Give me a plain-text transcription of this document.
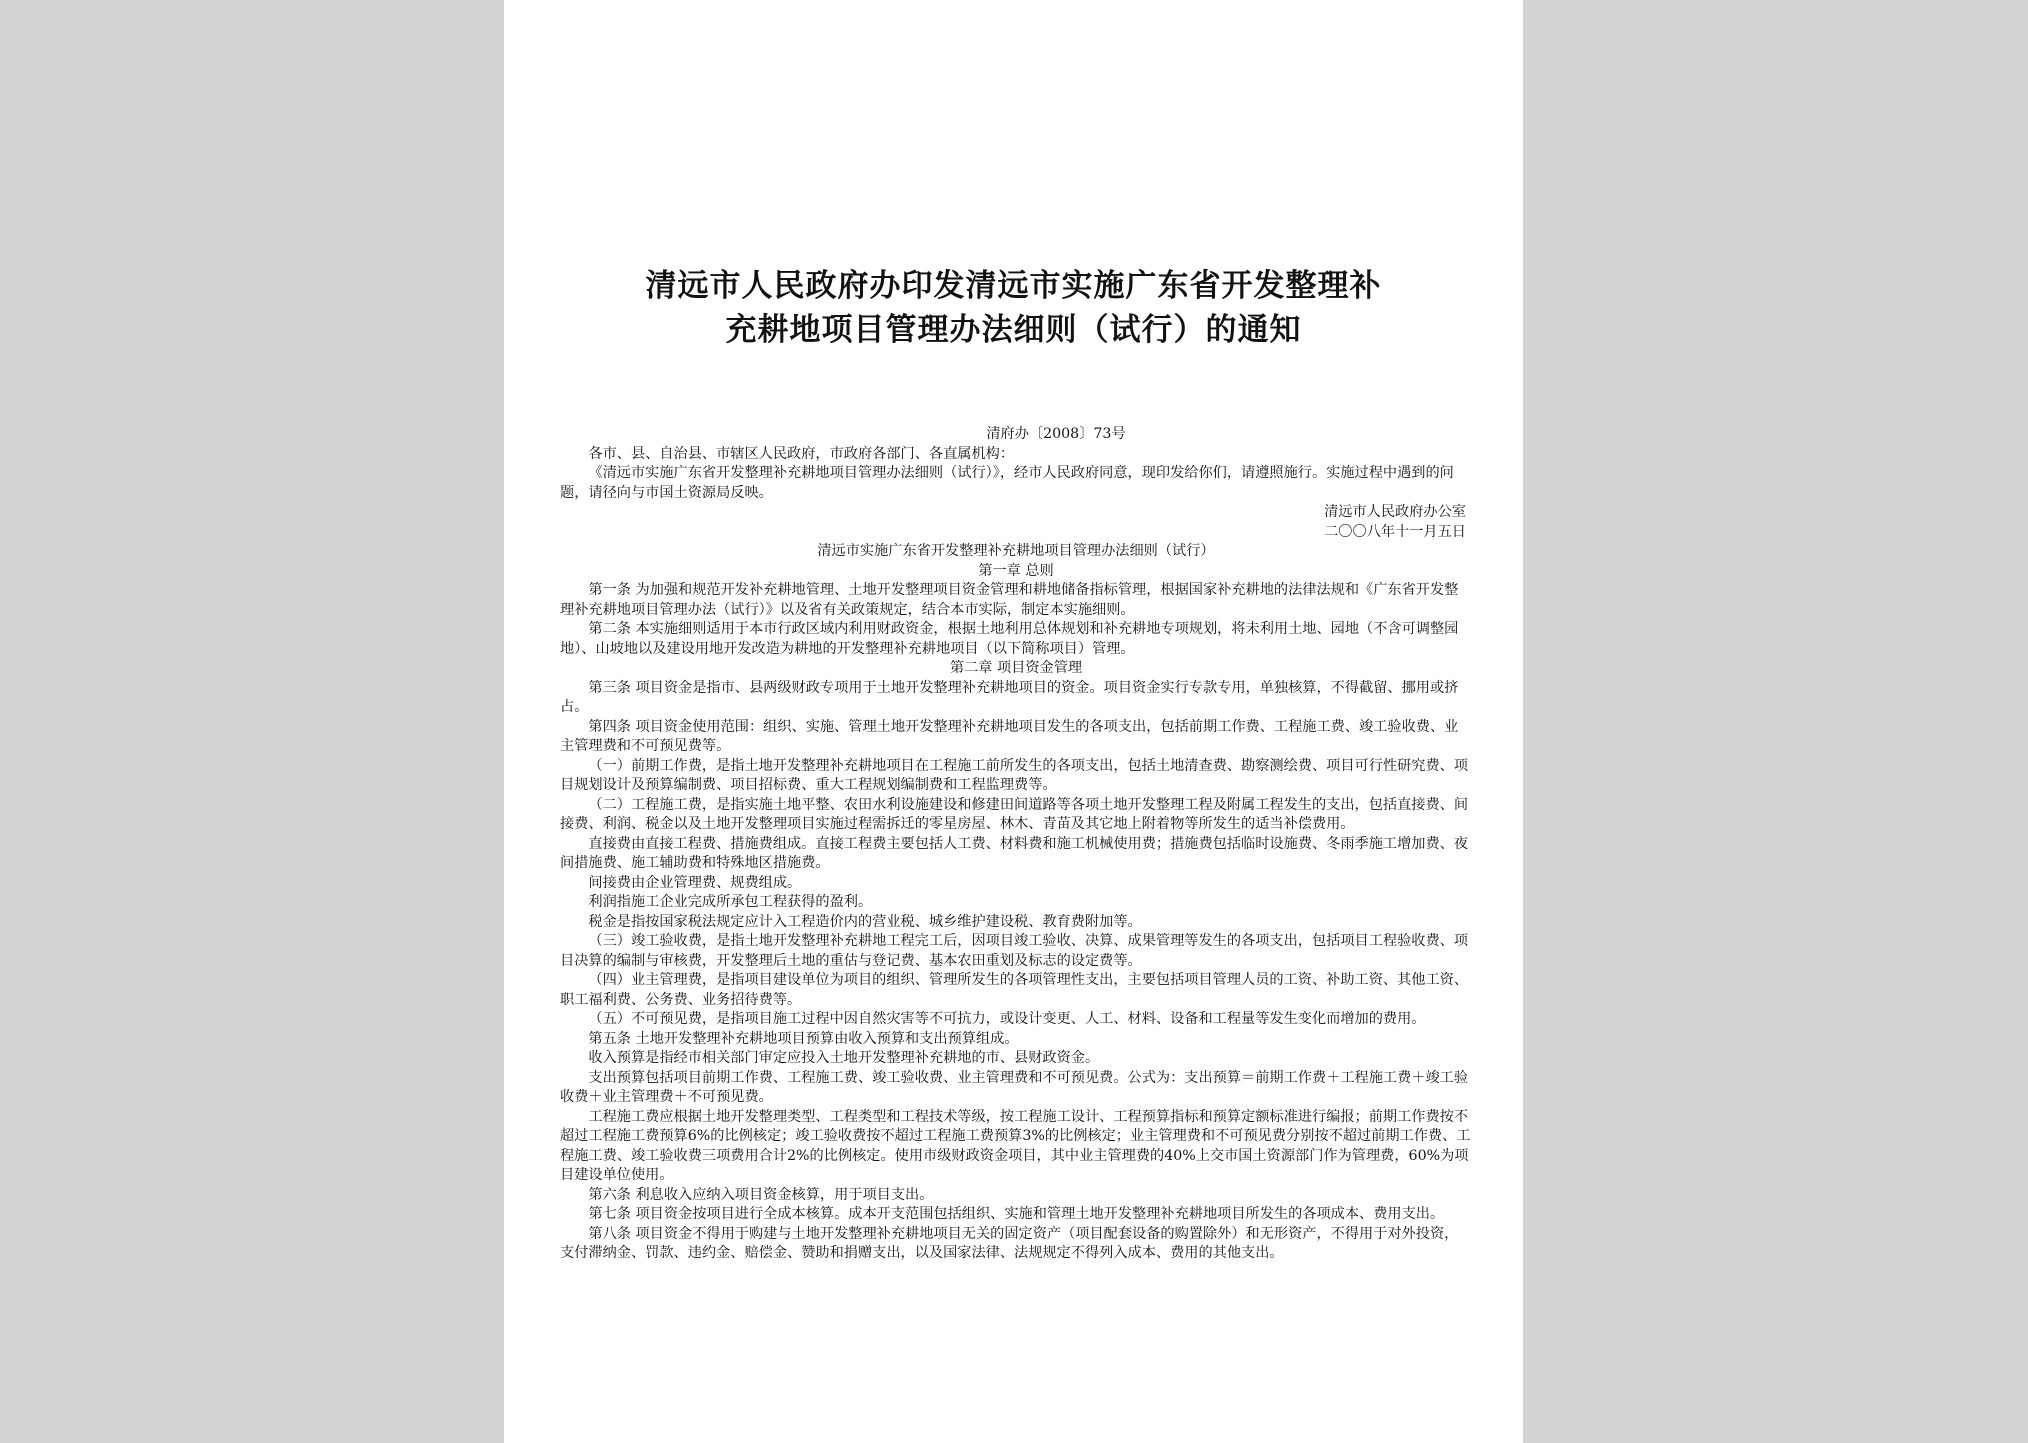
清远市人民政府办印发清远市实施广东省开发整理补
充耕地项目管理办法细则（试行）的通知

清府办〔2008〕73号

各市、县、自治县、市辖区人民政府，市政府各部门、各直属机构：

《清远市实施广东省开发整理补充耕地项目管理办法细则（试行）》，经市人民政府同意，现印发给你们，请遵照施行。实施过程中遇到的问题，请径向与市国土资源局反映。

清远市人民政府办公室

二〇〇八年十一月五日

清远市实施广东省开发整理补充耕地项目管理办法细则（试行）

第一章 总则

第一条 为加强和规范开发补充耕地管理、土地开发整理项目资金管理和耕地储备指标管理，根据国家补充耕地的法律法规和《广东省开发整理补充耕地项目管理办法（试行）》以及省有关政策规定，结合本市实际，制定本实施细则。

第二条 本实施细则适用于本市行政区域内利用财政资金，根据土地利用总体规划和补充耕地专项规划，将未利用土地、园地（不含可调整园地）、山坡地以及建设用地开发改造为耕地的开发整理补充耕地项目（以下简称项目）管理。

第二章 项目资金管理

第三条 项目资金是指市、县两级财政专项用于土地开发整理补充耕地项目的资金。项目资金实行专款专用，单独核算，不得截留、挪用或挤占。

第四条 项目资金使用范围：组织、实施、管理土地开发整理补充耕地项目发生的各项支出，包括前期工作费、工程施工费、竣工验收费、业主管理费和不可预见费等。

（一）前期工作费，是指土地开发整理补充耕地项目在工程施工前所发生的各项支出，包括土地清查费、勘察测绘费、项目可行性研究费、项目规划设计及预算编制费、项目招标费、重大工程规划编制费和工程监理费等。

（二）工程施工费，是指实施土地平整、农田水利设施建设和修建田间道路等各项土地开发整理工程及附属工程发生的支出，包括直接费、间接费、利润、税金以及土地开发整理项目实施过程需拆迁的零星房屋、林木、青苗及其它地上附着物等所发生的适当补偿费用。

直接费由直接工程费、措施费组成。直接工程费主要包括人工费、材料费和施工机械使用费；措施费包括临时设施费、冬雨季施工增加费、夜间措施费、施工辅助费和特殊地区措施费。

间接费由企业管理费、规费组成。

利润指施工企业完成所承包工程获得的盈利。

税金是指按国家税法规定应计入工程造价内的营业税、城乡维护建设税、教育费附加等。

（三）竣工验收费，是指土地开发整理补充耕地工程完工后，因项目竣工验收、决算、成果管理等发生的各项支出，包括项目工程验收费、项目决算的编制与审核费，开发整理后土地的重估与登记费、基本农田重划及标志的设定费等。

（四）业主管理费，是指项目建设单位为项目的组织、管理所发生的各项管理性支出，主要包括项目管理人员的工资、补助工资、其他工资、职工福利费、公务费、业务招待费等。

（五）不可预见费，是指项目施工过程中因自然灾害等不可抗力，或设计变更、人工、材料、设备和工程量等发生变化而增加的费用。

第五条 土地开发整理补充耕地项目预算由收入预算和支出预算组成。

收入预算是指经市相关部门审定应投入土地开发整理补充耕地的市、县财政资金。

支出预算包括项目前期工作费、工程施工费、竣工验收费、业主管理费和不可预见费。公式为：支出预算＝前期工作费＋工程施工费＋竣工验收费＋业主管理费＋不可预见费。

工程施工费应根据土地开发整理类型、工程类型和工程技术等级，按工程施工设计、工程预算指标和预算定额标准进行编报；前期工作费按不超过工程施工费预算6%的比例核定；竣工验收费按不超过工程施工费预算3%的比例核定；业主管理费和不可预见费分别按不超过前期工作费、工程施工费、竣工验收费三项费用合计2%的比例核定。使用市级财政资金项目，其中业主管理费的40%上交市国土资源部门作为管理费，60%为项目建设单位使用。

第六条 利息收入应纳入项目资金核算，用于项目支出。

第七条 项目资金按项目进行全成本核算。成本开支范围包括组织、实施和管理土地开发整理补充耕地项目所发生的各项成本、费用支出。

第八条 项目资金不得用于购建与土地开发整理补充耕地项目无关的固定资产（项目配套设备的购置除外）和无形资产，不得用于对外投资，支付滞纳金、罚款、违约金、赔偿金、赞助和捐赠支出，以及国家法律、法规规定不得列入成本、费用的其他支出。
